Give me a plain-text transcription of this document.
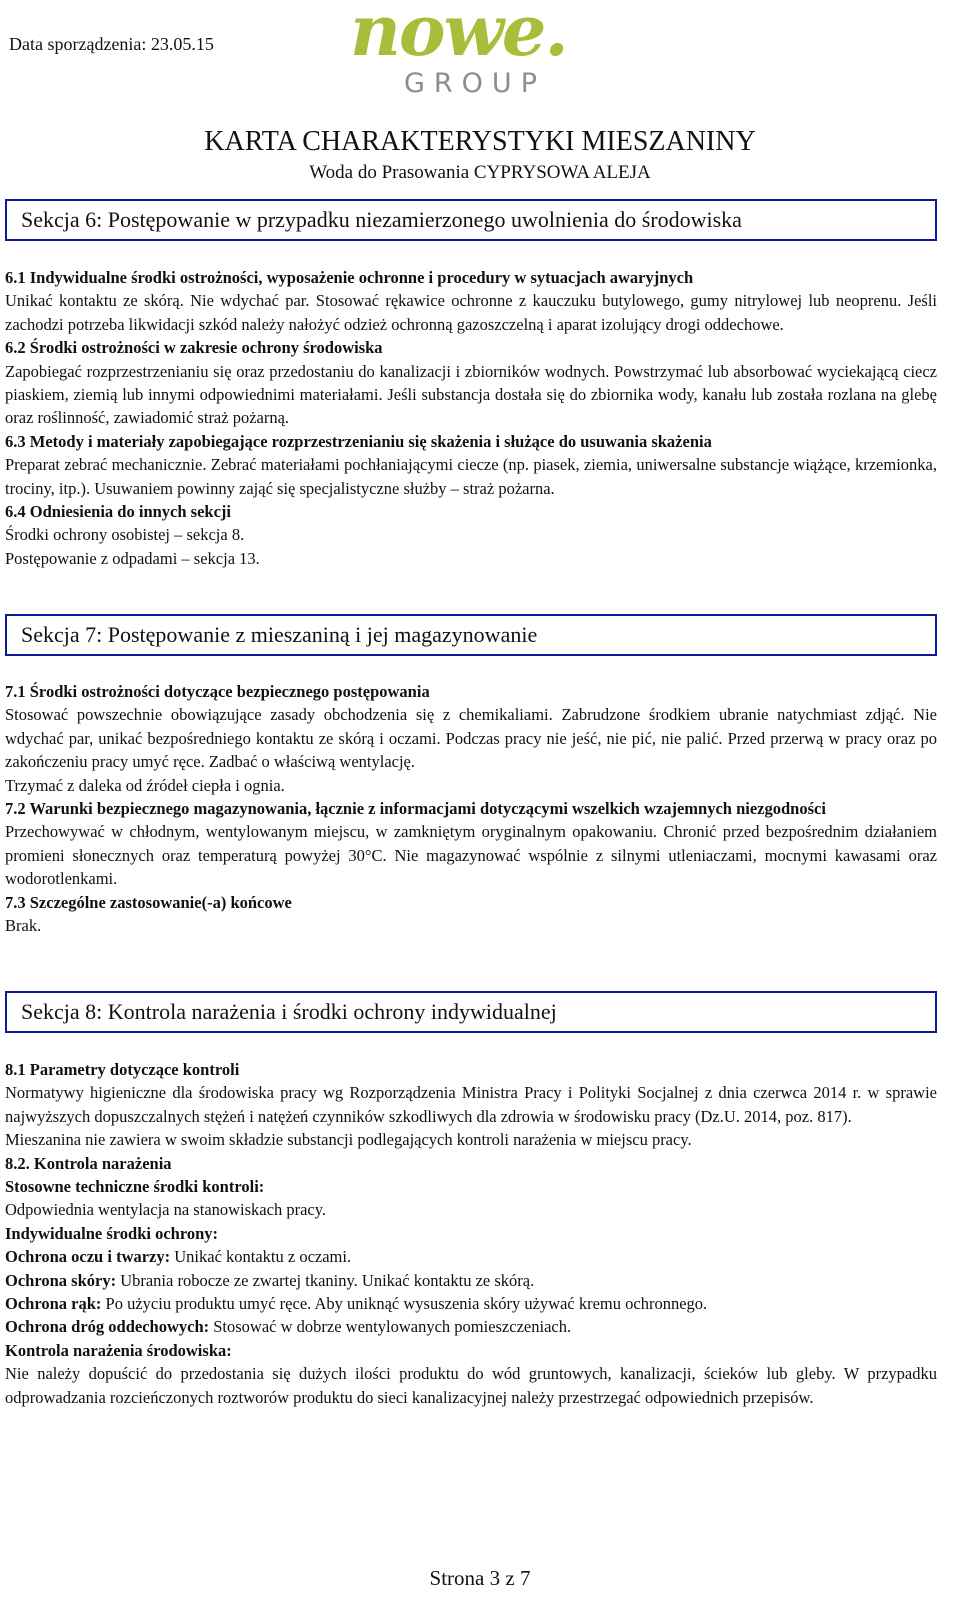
Data sporządzenia: 23.05.15 nowe.
GROUP
KARTA CHARAKTERYSTYKI MIESZANINY
Woda do Prasowania CYPRYSOWA ALEJA
Sekcja 6: Postępowanie w przypadku niezamierzonego uwolnienia do środowiska

6.1 Indywidualne środki ostrożności, wyposażenie ochronne i procedury w sytuacjach awaryjnych

Unikać kontaktu ze skórą. Nie wdychać par. Stosować rękawice ochronne z kauczuku butylowego, gumy nitrylowej lub neoprenu. Jeśli zachodzi potrzeba likwidacji szkód należy nałożyć odzież ochronną gazoszczelną i aparat izolujący drogi oddechowe.

6.2 Środki ostrożności w zakresie ochrony środowiska

Zapobiegać rozprzestrzenianiu się oraz przedostaniu do kanalizacji i zbiorników wodnych. Powstrzymać lub absorbować wyciekającą ciecz piaskiem, ziemią lub innymi odpowiednimi materiałami. Jeśli substancja dostała się do zbiornika wody, kanału lub została rozlana na glebę oraz roślinność, zawiadomić straż pożarną.

6.3 Metody i materiały zapobiegające rozprzestrzenianiu się skażenia i służące do usuwania skażenia

Preparat zebrać mechanicznie. Zebrać materiałami pochłaniającymi ciecze (np. piasek, ziemia, uniwersalne substancje wiążące, krzemionka, trociny, itp.). Usuwaniem powinny zająć się specjalistyczne służby – straż pożarna.

6.4 Odniesienia do innych sekcji

Środki ochrony osobistej – sekcja 8.

Postępowanie z odpadami – sekcja 13.

Sekcja 7: Postępowanie z mieszaniną i jej magazynowanie

7.1 Środki ostrożności dotyczące bezpiecznego postępowania

Stosować powszechnie obowiązujące zasady obchodzenia się z chemikaliami. Zabrudzone środkiem ubranie natychmiast zdjąć. Nie wdychać par, unikać bezpośredniego kontaktu ze skórą i oczami. Podczas pracy nie jeść, nie pić, nie palić. Przed przerwą w pracy oraz po zakończeniu pracy umyć ręce. Zadbać o właściwą wentylację.

Trzymać z daleka od źródeł ciepła i ognia.

7.2 Warunki bezpiecznego magazynowania, łącznie z informacjami dotyczącymi wszelkich wzajemnych niezgodności

Przechowywać w chłodnym, wentylowanym miejscu, w zamkniętym oryginalnym opakowaniu. Chronić przed bezpośrednim działaniem promieni słonecznych oraz temperaturą powyżej 30°C. Nie magazynować wspólnie z silnymi utleniaczami, mocnymi kawasami oraz wodorotlenkami.

7.3 Szczególne zastosowanie(-a) końcowe

Brak.

Sekcja 8: Kontrola narażenia i środki ochrony indywidualnej

8.1 Parametry dotyczące kontroli

Normatywy higieniczne dla środowiska pracy wg Rozporządzenia Ministra Pracy i Polityki Socjalnej z dnia czerwca 2014 r. w sprawie najwyższych dopuszczalnych stężeń i natężeń czynników szkodliwych dla zdrowia w środowisku pracy (Dz.U. 2014, poz. 817).

Mieszanina nie zawiera w swoim składzie substancji podlegających kontroli narażenia w miejscu pracy.

8.2. Kontrola narażenia

Stosowne techniczne środki kontroli:

Odpowiednia wentylacja na stanowiskach pracy.

Indywidualne środki ochrony:

Ochrona oczu i twarzy: Unikać kontaktu z oczami.

Ochrona skóry: Ubrania robocze ze zwartej tkaniny. Unikać kontaktu ze skórą.

Ochrona rąk: Po użyciu produktu umyć ręce. Aby uniknąć wysuszenia skóry używać kremu ochronnego.

Ochrona dróg oddechowych: Stosować w dobrze wentylowanych pomieszczeniach.

Kontrola narażenia środowiska:

Nie należy dopuścić do przedostania się dużych ilości produktu do wód gruntowych, kanalizacji, ścieków lub gleby. W przypadku odprowadzania rozcieńczonych roztworów produktu do sieci kanalizacyjnej należy przestrzegać odpowiednich przepisów.

Strona 3 z 7
